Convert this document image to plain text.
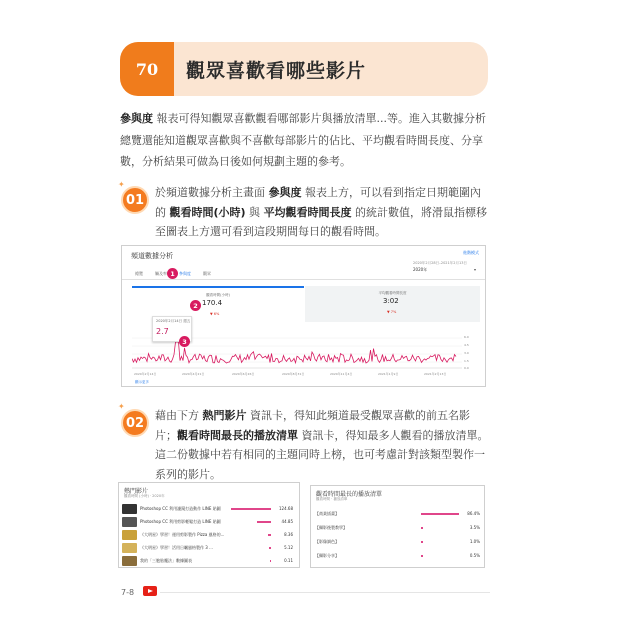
70	觀眾喜歡看哪些影片
參與度 報表可得知觀眾喜歡觀看哪部影片與播放清單...等。進入其數據分析總覽還能知道觀眾喜歡與不喜歡每部影片的佔比、平均觀看時間長度、分享數，分析結果可做為日後如何規劃主題的參考。
✦
01 於頻道數據分析主畫面 參與度 報表上方，可以看到指定日期範圍內的 觀看時間(小時) 與 平均觀看時間長度 的統計數值，將滑鼠指標移至圖表上方還可看到這段期間每日的觀看時間。
頻道數據分析	進階模式
總覽	觸及率	參與度	觀眾
2020年2月28日–2021年2月13日
2020年	▾
觀看時間(小時)
170.4
▼ 6%
平均觀看時間長度
3:02
▼ 7%
6.0
4.5
3.0
1.5
0.0
2020年2月14日	2020年4月21日	2020年6月26日	2020年8月31日	2020年11月4日	2021年1月9日	2021年2月13日
2020年2月14日 週五
2.7
顯示更多
1
2
3
✦
02 藉由下方 熱門影片 資訊卡，得知此頻道最受觀眾喜歡的前五名影片；觀看時間最長的播放清單 資訊卡，得知最多人觀看的播放清單。這二份數據中若有相同的主題同時上榜，也可考慮計對該類型製作一系列的影片。
熱門影片
觀看時間 (小時) · 2020年
Photoshop CC 利用濾鏡打造動作 LINE 貼圖	124.68
Photoshop CC 利用剪影輕鬆打造 LINE 貼圖	44.85
《大明星》學習！運用剪影製作 Pizza 風格的...	8.36
《大明星》學習！活用日曬風格製作 3 ...	5.12
我的「三胞胎魔法」數據圖表	0.11
觀看時間最長的播放清單
觀看時間 · 播放清單
【商業插畫】	86.4%
【攝影後製教學】	3.5%
【影像調色】	1.0%
【攝影分享】	0.5%
7-8
